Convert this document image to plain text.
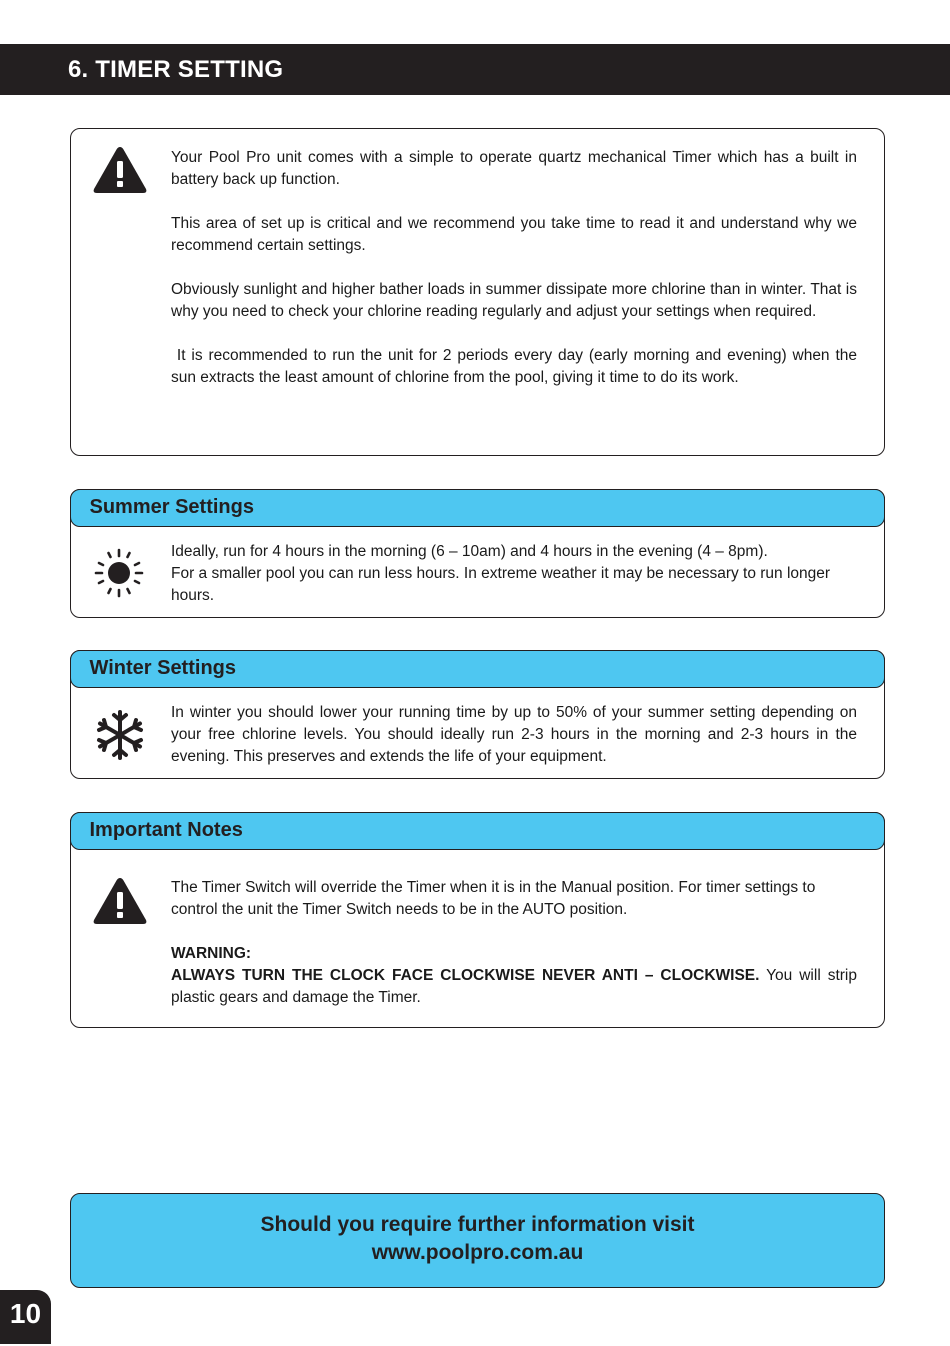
6. TIMER SETTING

Your Pool Pro unit comes with a simple to operate quartz mechanical Timer which has a built in battery back up function.

This area of set up is critical and we recommend you take time to read it and understand why we recommend certain settings.

Obviously sunlight and higher bather loads in summer dissipate more chlorine than in winter. That is why you need to check your chlorine reading regularly and adjust your settings when required.

It is recommended to run the unit for 2 periods every day (early morning and evening) when the sun extracts the least amount of chlorine from the pool, giving it time to do its work.

Summer Settings
Ideally, run for 4 hours in the morning (6 – 10am) and 4 hours in the evening (4 – 8pm).
For a smaller pool you can run less hours. In extreme weather it may be necessary to run longer hours.
Winter Settings
In winter you should lower your running time by up to 50% of your summer setting depending on your free chlorine levels. You should ideally run 2-3 hours in the morning and 2-3 hours in the evening. This preserves and extends the life of your equipment.
Important Notes

The Timer Switch will override the Timer when it is in the Manual position. For timer settings to control the unit the Timer Switch needs to be in the AUTO position.

WARNING:
ALWAYS TURN THE CLOCK FACE CLOCKWISE NEVER ANTI – CLOCKWISE. You will strip plastic gears and damage the Timer.

Should you require further information visit
www.poolpro.com.au
10
